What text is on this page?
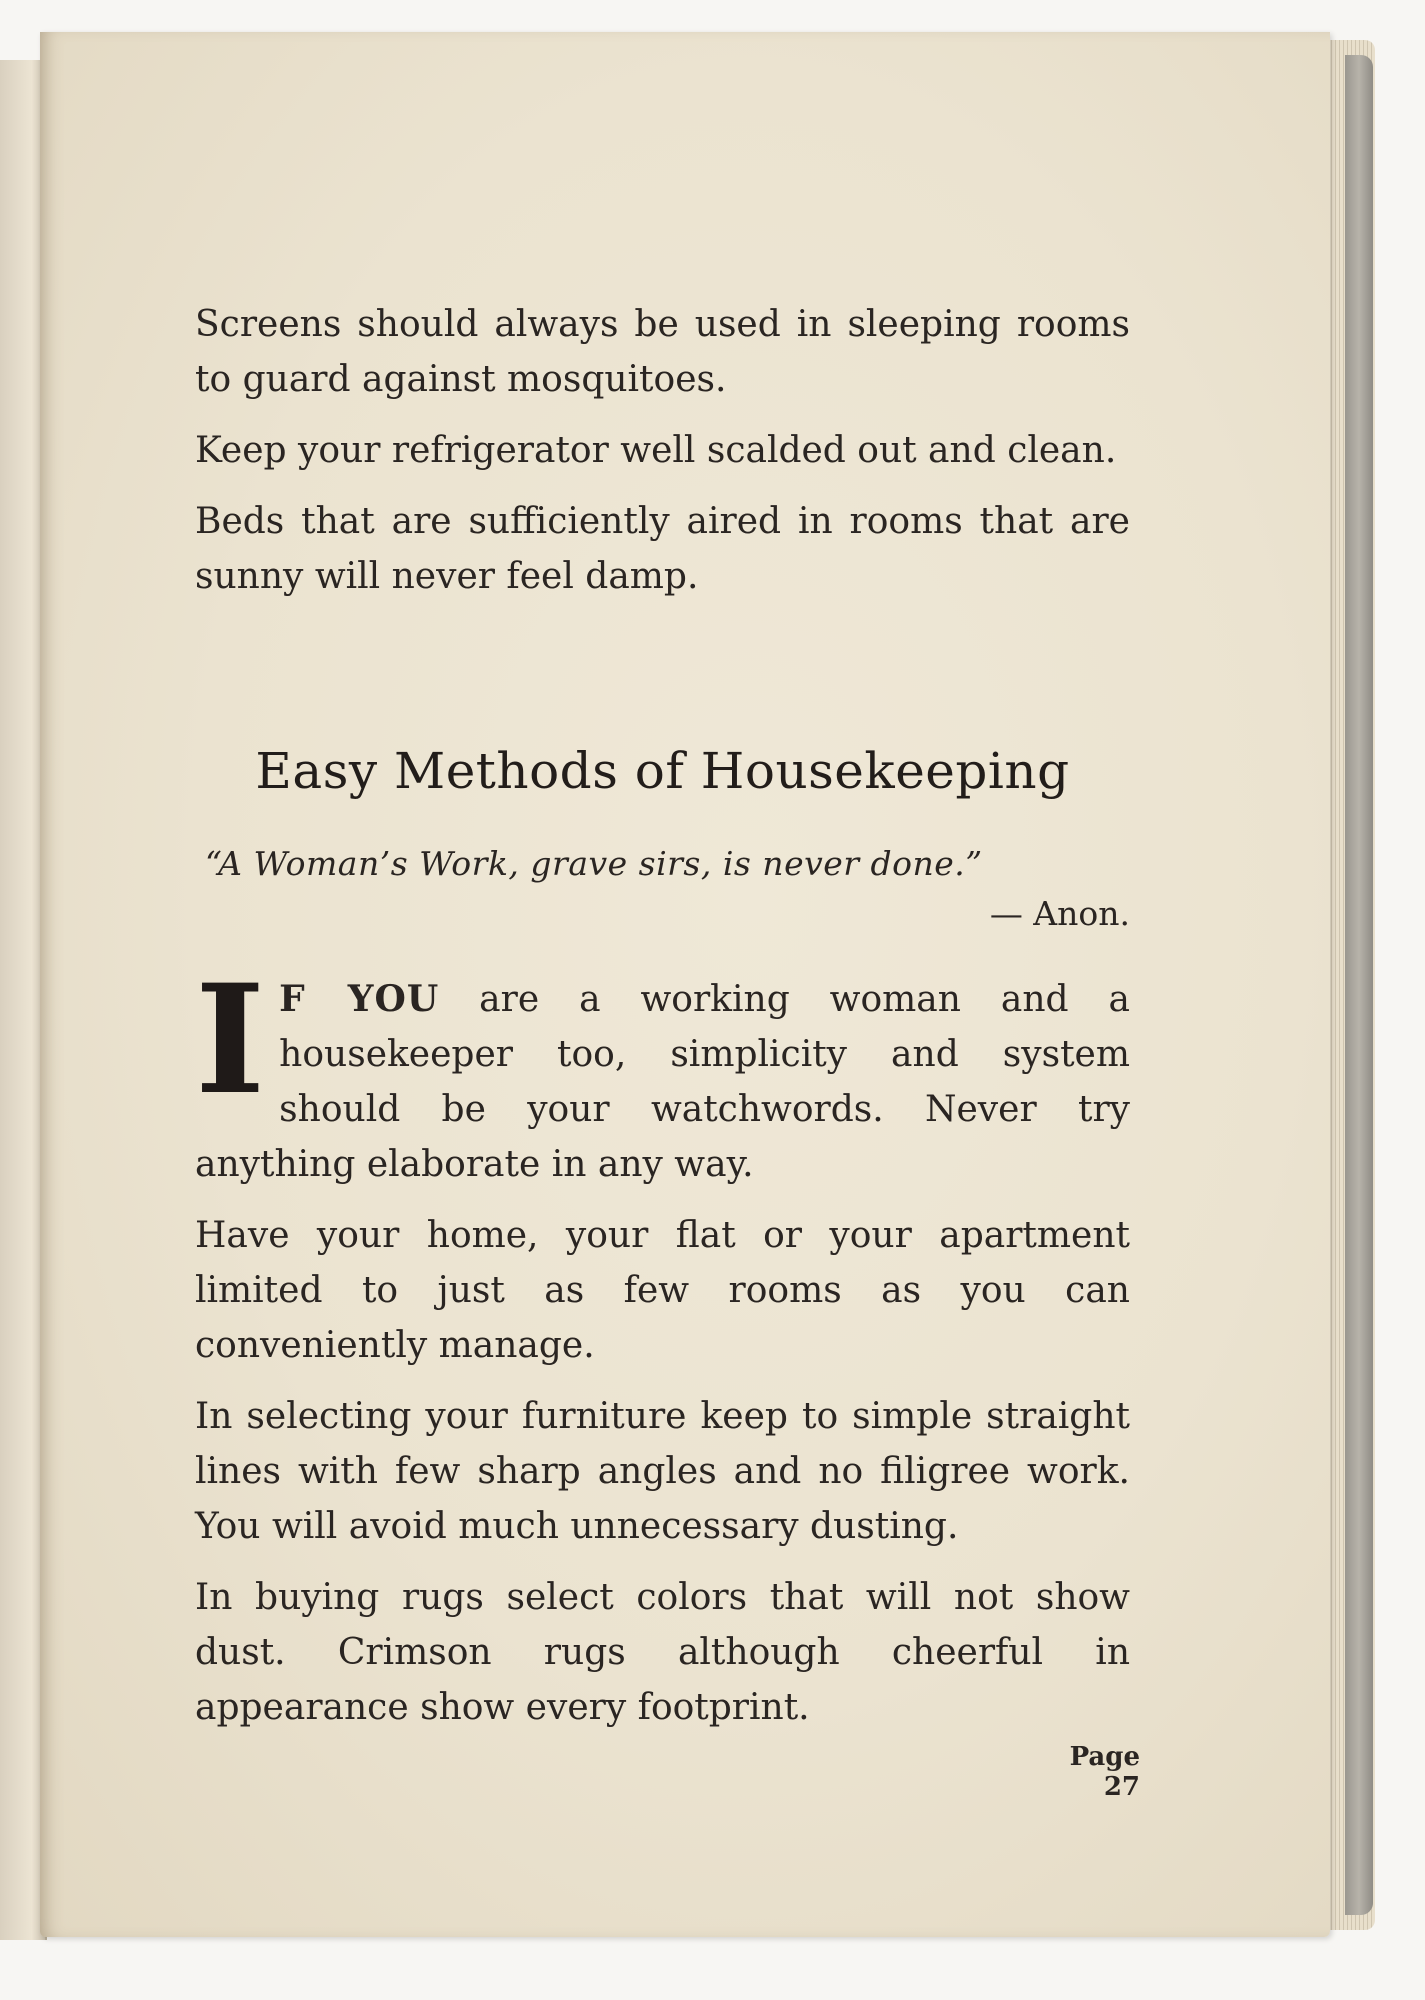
Screens should always be used in sleeping rooms to guard against mosquitoes.

Keep your refrigerator well scalded out and clean.

Beds that are sufficiently aired in rooms that are sunny will never feel damp.

Easy Methods of Housekeeping
“A Woman’s Work, grave sirs, is never done.”
— Anon.

I F YOU are a working woman and a housekeeper too, simplicity and system should be your watchwords. Never try anything elaborate in any way.

Have your home, your flat or your apartment limited to just as few rooms as you can conveniently manage.

In selecting your furniture keep to simple straight lines with few sharp angles and no filigree work. You will avoid much unnecessary dusting.

In buying rugs select colors that will not show dust. Crimson rugs although cheerful in appearance show every footprint.

Page 27
